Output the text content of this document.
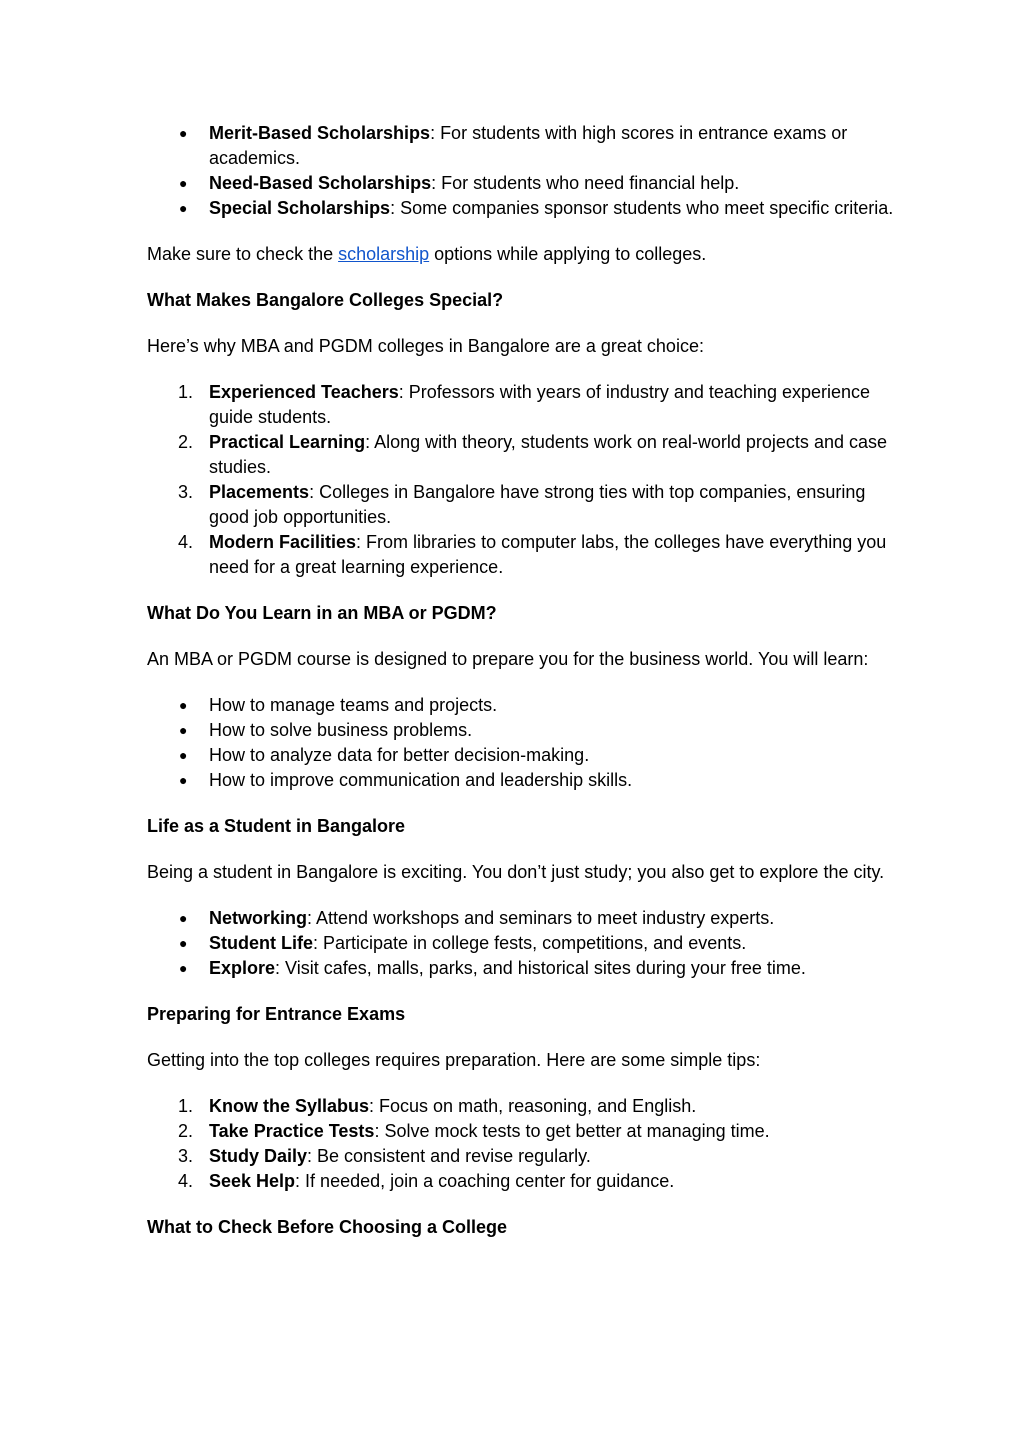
●	Merit-Based Scholarships: For students with high scores in entrance exams or academics.
●	Need-Based Scholarships: For students who need financial help.
●	Special Scholarships: Some companies sponsor students who meet specific criteria.

Make sure to check the scholarship options while applying to colleges.

What Makes Bangalore Colleges Special?

Here’s why MBA and PGDM colleges in Bangalore are a great choice:

1. Experienced Teachers: Professors with years of industry and teaching experience guide students.
2. Practical Learning: Along with theory, students work on real-world projects and case studies.
3. Placements: Colleges in Bangalore have strong ties with top companies, ensuring good job opportunities.
4. Modern Facilities: From libraries to computer labs, the colleges have everything you need for a great learning experience.
What Do You Learn in an MBA or PGDM?

An MBA or PGDM course is designed to prepare you for the business world. You will learn:

●	How to manage teams and projects.
●	How to solve business problems.
●	How to analyze data for better decision-making.
●	How to improve communication and leadership skills.
Life as a Student in Bangalore

Being a student in Bangalore is exciting. You don’t just study; you also get to explore the city.

●	Networking: Attend workshops and seminars to meet industry experts.
●	Student Life: Participate in college fests, competitions, and events.
●	Explore: Visit cafes, malls, parks, and historical sites during your free time.
Preparing for Entrance Exams

Getting into the top colleges requires preparation. Here are some simple tips:

1. Know the Syllabus: Focus on math, reasoning, and English.
2. Take Practice Tests: Solve mock tests to get better at managing time.
3. Study Daily: Be consistent and revise regularly.
4. Seek Help: If needed, join a coaching center for guidance.
What to Check Before Choosing a College
